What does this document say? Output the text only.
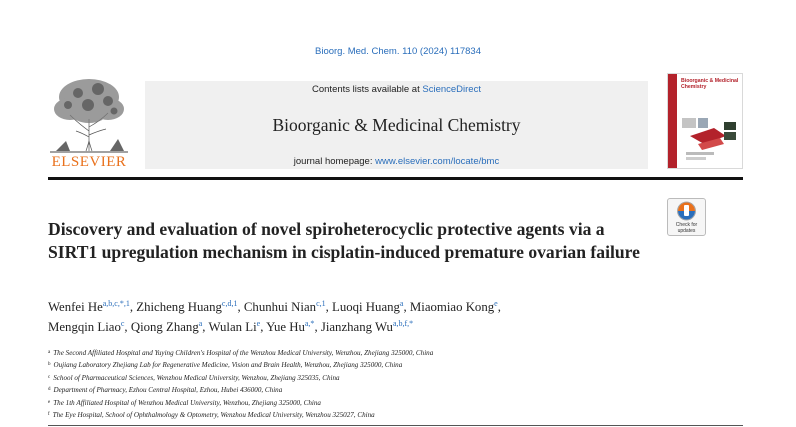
Bioorg. Med. Chem. 110 (2024) 117834
ELSEVIER
Contents lists available at ScienceDirect
Bioorganic & Medicinal Chemistry
journal homepage: www.elsevier.com/locate/bmc
Bioorganic & Medicinal Chemistry
Check for updates
Discovery and evaluation of novel spiroheterocyclic protective agents via a SIRT1 upregulation mechanism in cisplatin-induced premature ovarian failure
Wenfei $He^{a,b,c,*,1}$, Zhicheng Huang$^{c,d,1}$, Chunhui Nian$^{c,1}$, Luoqi Huang$^a$, Miaomiao Kong$^e$,
Mengqin Liao$^c$, Qiong Zhang$^a$, Wulan Li$^e$, Yue $Hu^{a,*}$, Jianzhang $Wu^{a,b,f,*}$
$^a$ The Second Affiliated Hospital and Yuying Children's Hospital of the Wenzhou Medical University, Wenzhou, Zhejiang 325000, China
$^b$ Oujiang Laboratory Zhejiang Lab for Regenerative Medicine, Vision and Brain Health, Wenzhou, Zhejiang 325000, China
$^c$ School of Pharmaceutical Sciences, Wenzhou Medical University, Wenzhou, Zhejiang 325035, China
$^d$ Department of Pharmacy, Ezhou Central Hospital, Ezhou, Hubei 436000, China
$^e$ The 1th Affiliated Hospital of Wenzhou Medical University, Wenzhou, Zhejiang 325000, China
$^f$ The Eye Hospital, School of Ophthalmology & Optometry, Wenzhou Medical University, Wenzhou 325027, China
